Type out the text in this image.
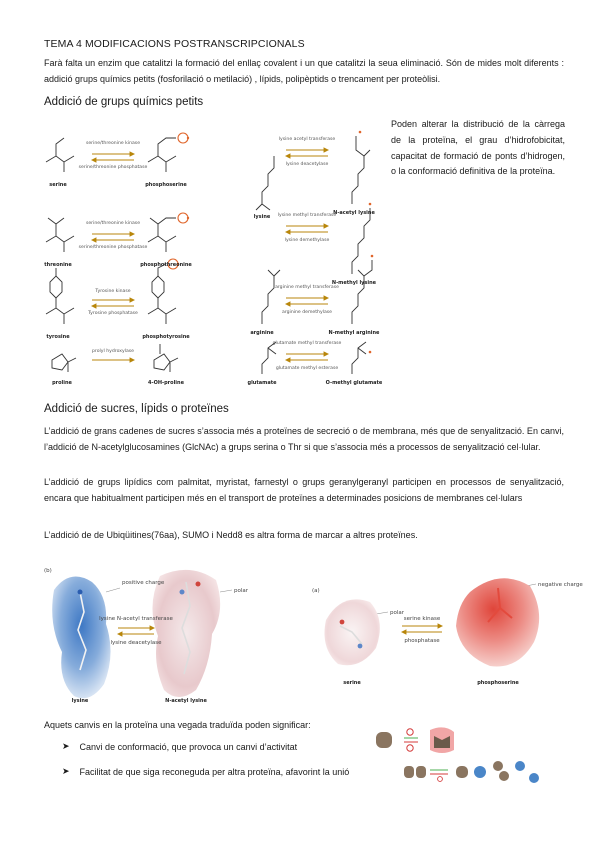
TEMA 4 MODIFICACIONS POSTRANSCRIPCIONALS
Farà falta un enzim que catalitzi la formació del enllaç covalent i un que catalitzi la seua eliminació. Són de mides molt diferents : addició grups químics petits (fosforilació o metilació) , lípids, polipèptids o trencament per proteòlisi.
Addició de grups químics petits
serine/threonine kinase
serine/threonine phosphatase
serine/threonine kinase
serine/threonine phosphatase
Tyrosine kinase
Tyrosine phosphatase
prolyl hydroxylase
lysine acetyl transferase
lysine deacetylase
lysine methyl transferase
lysine demethylase
arginine methyl transferase
arginine demethylase
glutamate methyl transferase
glutamate methyl esterase
serine	phosphoserine
threonine	phosphothreonine
tyrosine	phosphotyrosine
proline	4-OH-proline
lysine
N-acetyl lysine
N-methyl lysine
arginine	N-methyl arginine
glutamate	O-methyl glutamate
Poden alterar la distribució de la càrrega de la proteïna, el grau d’hidrofobicitat, capacitat de formació de ponts d’hidrogen, o la conformació definitiva de la proteïna.
Addició de sucres, lípids o proteïnes
L’addició de grans cadenes de sucres s’associa més a proteïnes de secreció o de membrana, més que de senyalització. En canvi, l’addició de N-acetylglucosamines (GlcNAc) a grups serina o Thr si que s’associa més a processos de senyalització cel·lular.
L’addició de grups lipídics com palmitat, myristat, farnestyl o grups geranylgeranyl participen en processos de senyalització, encara que habitualment participen més en el transport de proteïnes a determinades posicions de membranes cel·lulars
L’addició de de Ubiqüitines(76aa), SUMO i Nedd8 es altra forma de marcar a altres proteïnes.
(b)
positive charge
polar
lysine N-acetyl transferase
lysine deacetylase
lysine	N-acetyl lysine
(a)
polar
negative charge
serine kinase
phosphatase
serine	phosphoserine
Aquets canvis en la proteïna una vegada traduïda poden significar:
➤ Canvi de conformació, que provoca un canvi d’activitat
➤ Facilitat de que siga reconeguda per altra proteïna, afavorint la unió
